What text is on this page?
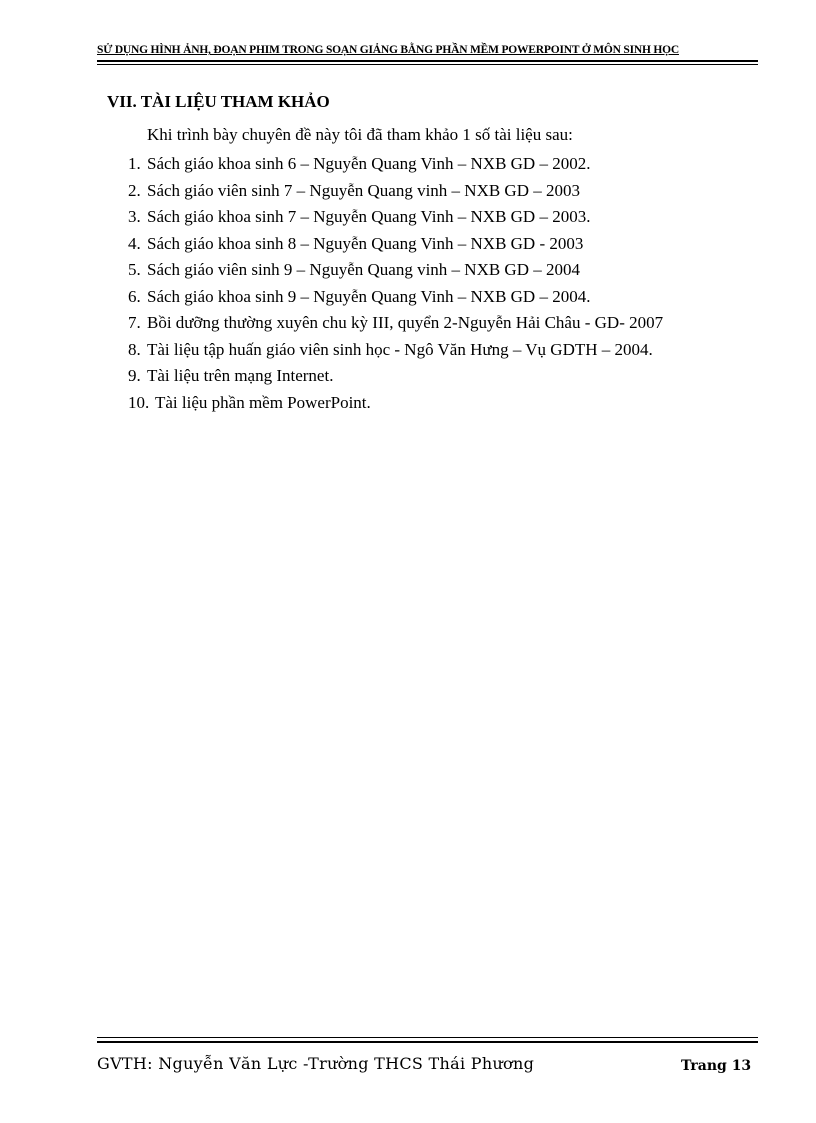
SỬ DỤNG HÌNH ẢNH, ĐOẠN PHIM TRONG SOẠN GIẢNG BẰNG PHẦN MỀM POWERPOINT Ở MÔN SINH HỌC
VII. TÀI LIỆU THAM KHẢO
Khi trình bày chuyên đề này tôi đã tham khảo 1 số tài liệu sau:
1. Sách giáo khoa sinh 6 – Nguyễn Quang Vinh – NXB GD – 2002.
2. Sách giáo viên sinh 7 – Nguyễn Quang vinh – NXB GD – 2003
3. Sách giáo khoa sinh 7 – Nguyễn Quang Vinh – NXB GD – 2003.
4. Sách giáo khoa sinh 8 – Nguyễn Quang Vinh – NXB GD - 2003
5. Sách giáo viên sinh 9 – Nguyễn Quang vinh – NXB GD – 2004
6. Sách giáo khoa sinh 9 – Nguyễn Quang Vinh – NXB GD – 2004.
7. Bồi dưỡng thường xuyên chu kỳ III, quyển 2-Nguyễn Hải Châu - GD- 2007
8. Tài liệu tập huấn giáo viên sinh học - Ngô Văn Hưng – Vụ GDTH – 2004.
9. Tài liệu trên mạng Internet.
10. Tài liệu phần mềm PowerPoint.
GVTH: Nguyễn Văn Lực -Trường THCS Thái Phương	Trang 13
